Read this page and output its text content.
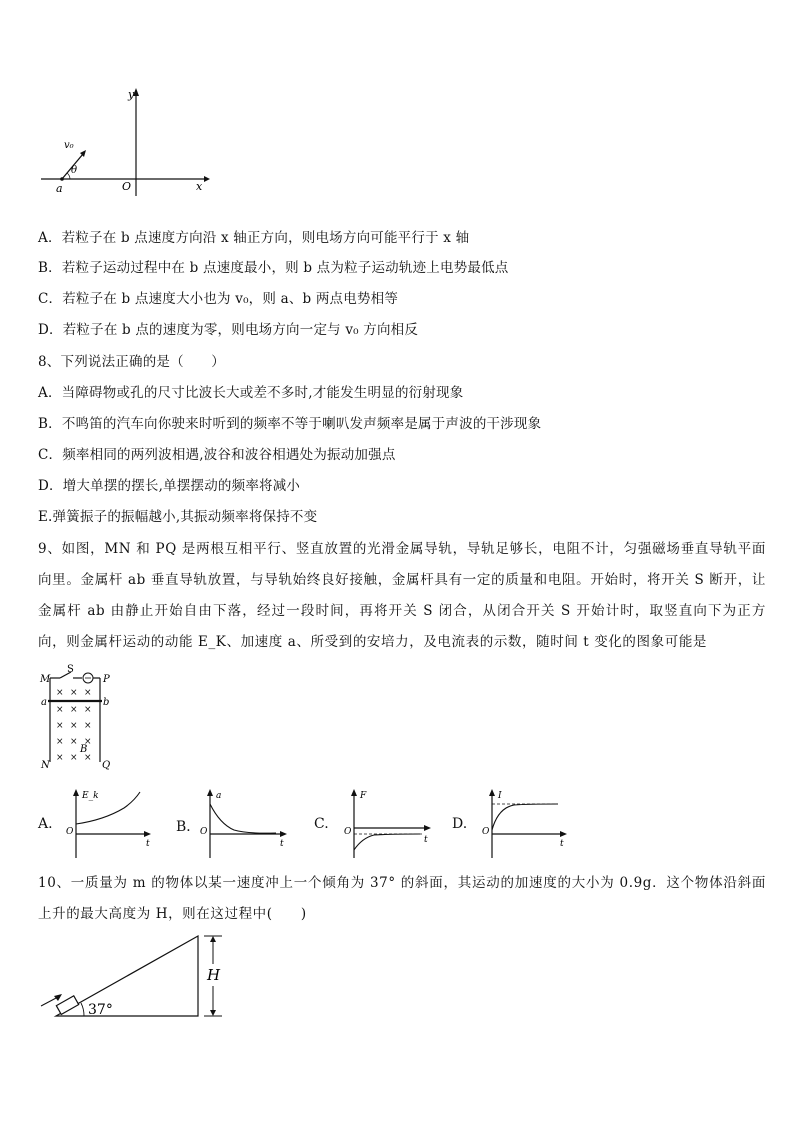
y
x
O
a
v₀
θ
A．若粒子在 b 点速度方向沿 x 轴正方向，则电场方向可能平行于 x 轴
B．若粒子运动过程中在 b 点速度最小，则 b 点为粒子运动轨迹上电势最低点
C．若粒子在 b 点速度大小也为 v₀，则 a、b 两点电势相等
D．若粒子在 b 点的速度为零，则电场方向一定与 v₀ 方向相反
8、下列说法正确的是（　　）
A．当障碍物或孔的尺寸比波长大或差不多时,才能发生明显的衍射现象
B．不鸣笛的汽车向你驶来时听到的频率不等于喇叭发声频率是属于声波的干涉现象
C．频率相同的两列波相遇,波谷和波谷相遇处为振动加强点
D．增大单摆的摆长,单摆摆动的频率将减小
E.弹簧振子的振幅越小,其振动频率将保持不变
9、如图，MN 和 PQ 是两根互相平行、竖直放置的光滑金属导轨，导轨足够长，电阻不计，匀强磁场垂直导轨平面向里。金属杆 ab 垂直导轨放置，与导轨始终良好接触，金属杆具有一定的质量和电阻。开始时，将开关 S 断开，让金属杆 ab 由静止开始自由下落，经过一段时间，再将开关 S 闭合，从闭合开关 S 开始计时，取竖直向下为正方向，则金属杆运动的动能 E_K、加速度 a、所受到的安培力，及电流表的示数，随时间 t 变化的图象可能是
× × ×
× × ×
× × ×
× × ×
× × ×
S
M	P
a	b
B
N	Q
A.
E_k
O
t
B．
a
O
t
C.
F
O
t
D.
I
O
t
10、一质量为 m 的物体以某一速度冲上一个倾角为 37° 的斜面，其运动的加速度的大小为 0.9g．这个物体沿斜面上升的最大高度为 H，则在这过程中(　　)
37°
H
